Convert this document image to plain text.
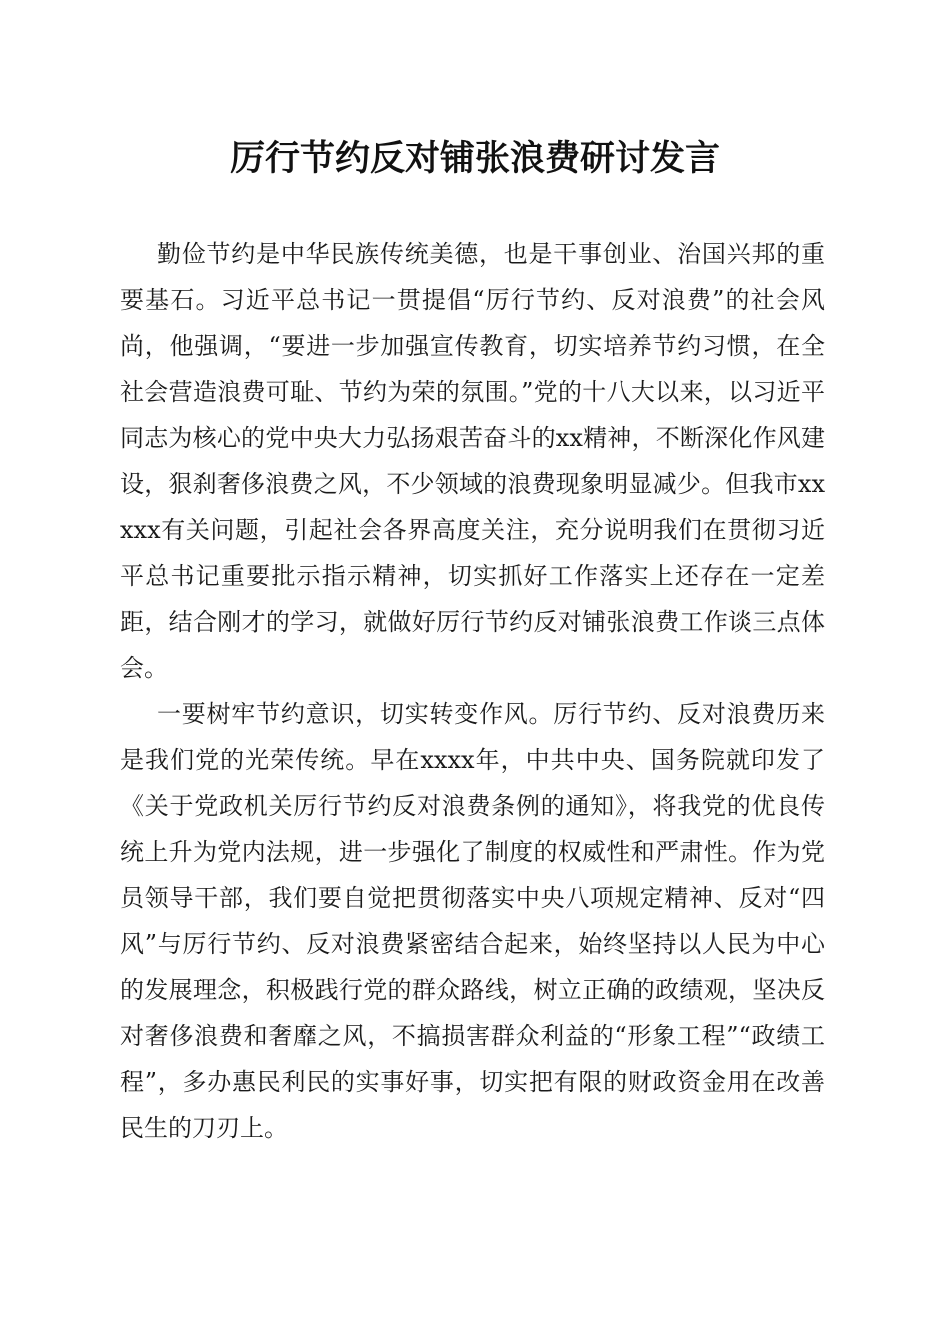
厉行节约反对铺张浪费研讨发言

勤俭节约是中华民族传统美德，也是干事创业、治国兴邦的重要基石。习近平总书记一贯提倡“厉行节约、反对浪费”的社会风尚，他强调，“要进一步加强宣传教育，切实培养节约习惯，在全社会营造浪费可耻、节约为荣的氛围。”党的十八大以来，以习近平同志为核心的党中央大力弘扬艰苦奋斗的xx精神，不断深化作风建设，狠刹奢侈浪费之风，不少领域的浪费现象明显减少。但我市xxxxx有关问题，引起社会各界高度关注，充分说明我们在贯彻习近平总书记重要批示指示精神，切实抓好工作落实上还存在一定差距，结合刚才的学习，就做好厉行节约反对铺张浪费工作谈三点体会。

一要树牢节约意识，切实转变作风。厉行节约、反对浪费历来是我们党的光荣传统。早在xxxx年，中共中央、国务院就印发了《关于党政机关厉行节约反对浪费条例的通知》，将我党的优良传统上升为党内法规，进一步强化了制度的权威性和严肃性。作为党员领导干部，我们要自觉把贯彻落实中央八项规定精神、反对“四风”与厉行节约、反对浪费紧密结合起来，始终坚持以人民为中心的发展理念，积极践行党的群众路线，树立正确的政绩观，坚决反对奢侈浪费和奢靡之风，不搞损害群众利益的“形象工程”“政绩工程”，多办惠民利民的实事好事，切实把有限的财政资金用在改善民生的刀刃上。
